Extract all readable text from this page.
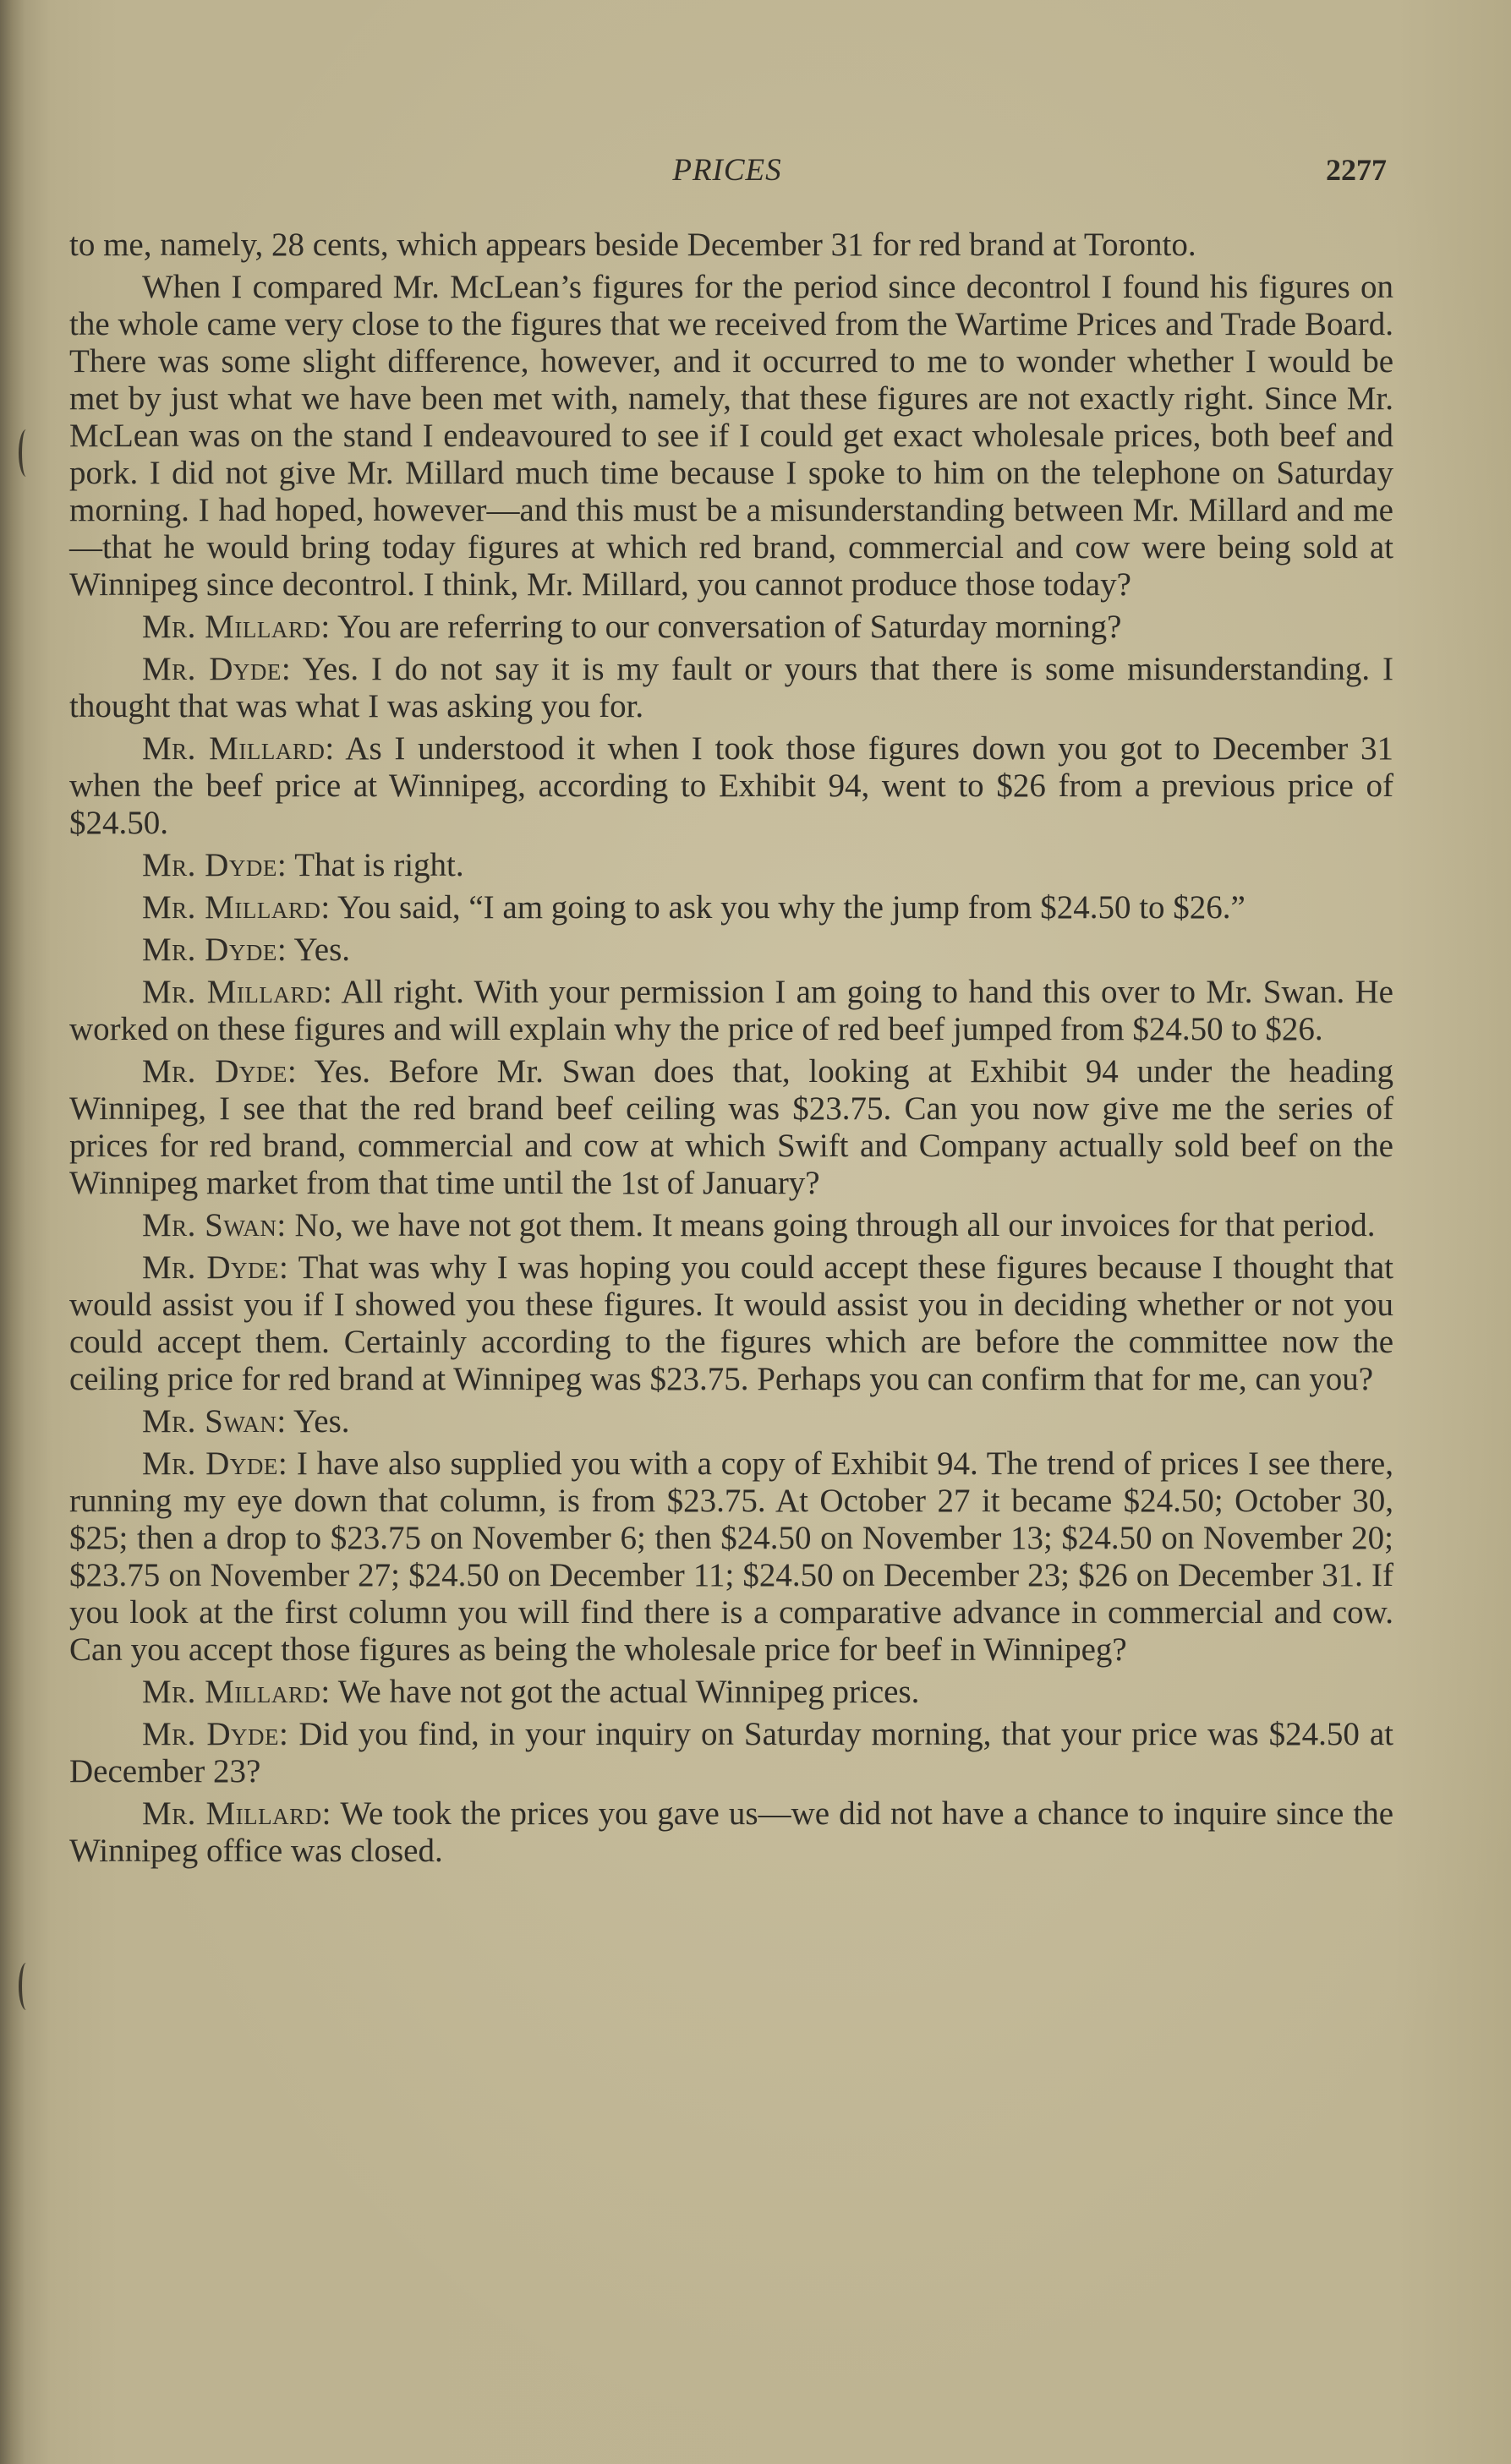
PRICES	2277

to me, namely, 28 cents, which appears beside December 31 for red brand at Toronto.

When I compared Mr. McLean’s figures for the period since decontrol I found his figures on the whole came very close to the figures that we received from the Wartime Prices and Trade Board. There was some slight difference, however, and it occurred to me to wonder whether I would be met by just what we have been met with, namely, that these figures are not exactly right. Since Mr. McLean was on the stand I endeavoured to see if I could get exact wholesale prices, both beef and pork. I did not give Mr. Millard much time because I spoke to him on the telephone on Saturday morning. I had hoped, however—and this must be a misunderstanding between Mr. Millard and me—that he would bring today figures at which red brand, commercial and cow were being sold at Winnipeg since decontrol. I think, Mr. Millard, you cannot produce those today?

Mr. Millard: You are referring to our conversation of Saturday morning?

Mr. Dyde: Yes. I do not say it is my fault or yours that there is some misunderstanding. I thought that was what I was asking you for.

Mr. Millard: As I understood it when I took those figures down you got to December 31 when the beef price at Winnipeg, according to Exhibit 94, went to $26 from a previous price of $24.50.

Mr. Dyde: That is right.

Mr. Millard: You said, “I am going to ask you why the jump from $24.50 to $26.”

Mr. Dyde: Yes.

Mr. Millard: All right. With your permission I am going to hand this over to Mr. Swan. He worked on these figures and will explain why the price of red beef jumped from $24.50 to $26.

Mr. Dyde: Yes. Before Mr. Swan does that, looking at Exhibit 94 under the heading Winnipeg, I see that the red brand beef ceiling was $23.75. Can you now give me the series of prices for red brand, commercial and cow at which Swift and Company actually sold beef on the Winnipeg market from that time until the 1st of January?

Mr. Swan: No, we have not got them. It means going through all our invoices for that period.

Mr. Dyde: That was why I was hoping you could accept these figures because I thought that would assist you if I showed you these figures. It would assist you in deciding whether or not you could accept them. Certainly according to the figures which are before the committee now the ceiling price for red brand at Winnipeg was $23.75. Perhaps you can confirm that for me, can you?

Mr. Swan: Yes.

Mr. Dyde: I have also supplied you with a copy of Exhibit 94. The trend of prices I see there, running my eye down that column, is from $23.75. At October 27 it became $24.50; October 30, $25; then a drop to $23.75 on November 6; then $24.50 on November 13; $24.50 on November 20; $23.75 on November 27; $24.50 on December 11; $24.50 on December 23; $26 on December 31. If you look at the first column you will find there is a comparative advance in commercial and cow. Can you accept those figures as being the wholesale price for beef in Winnipeg?

Mr. Millard: We have not got the actual Winnipeg prices.

Mr. Dyde: Did you find, in your inquiry on Saturday morning, that your price was $24.50 at December 23?

Mr. Millard: We took the prices you gave us—we did not have a chance to inquire since the Winnipeg office was closed.
